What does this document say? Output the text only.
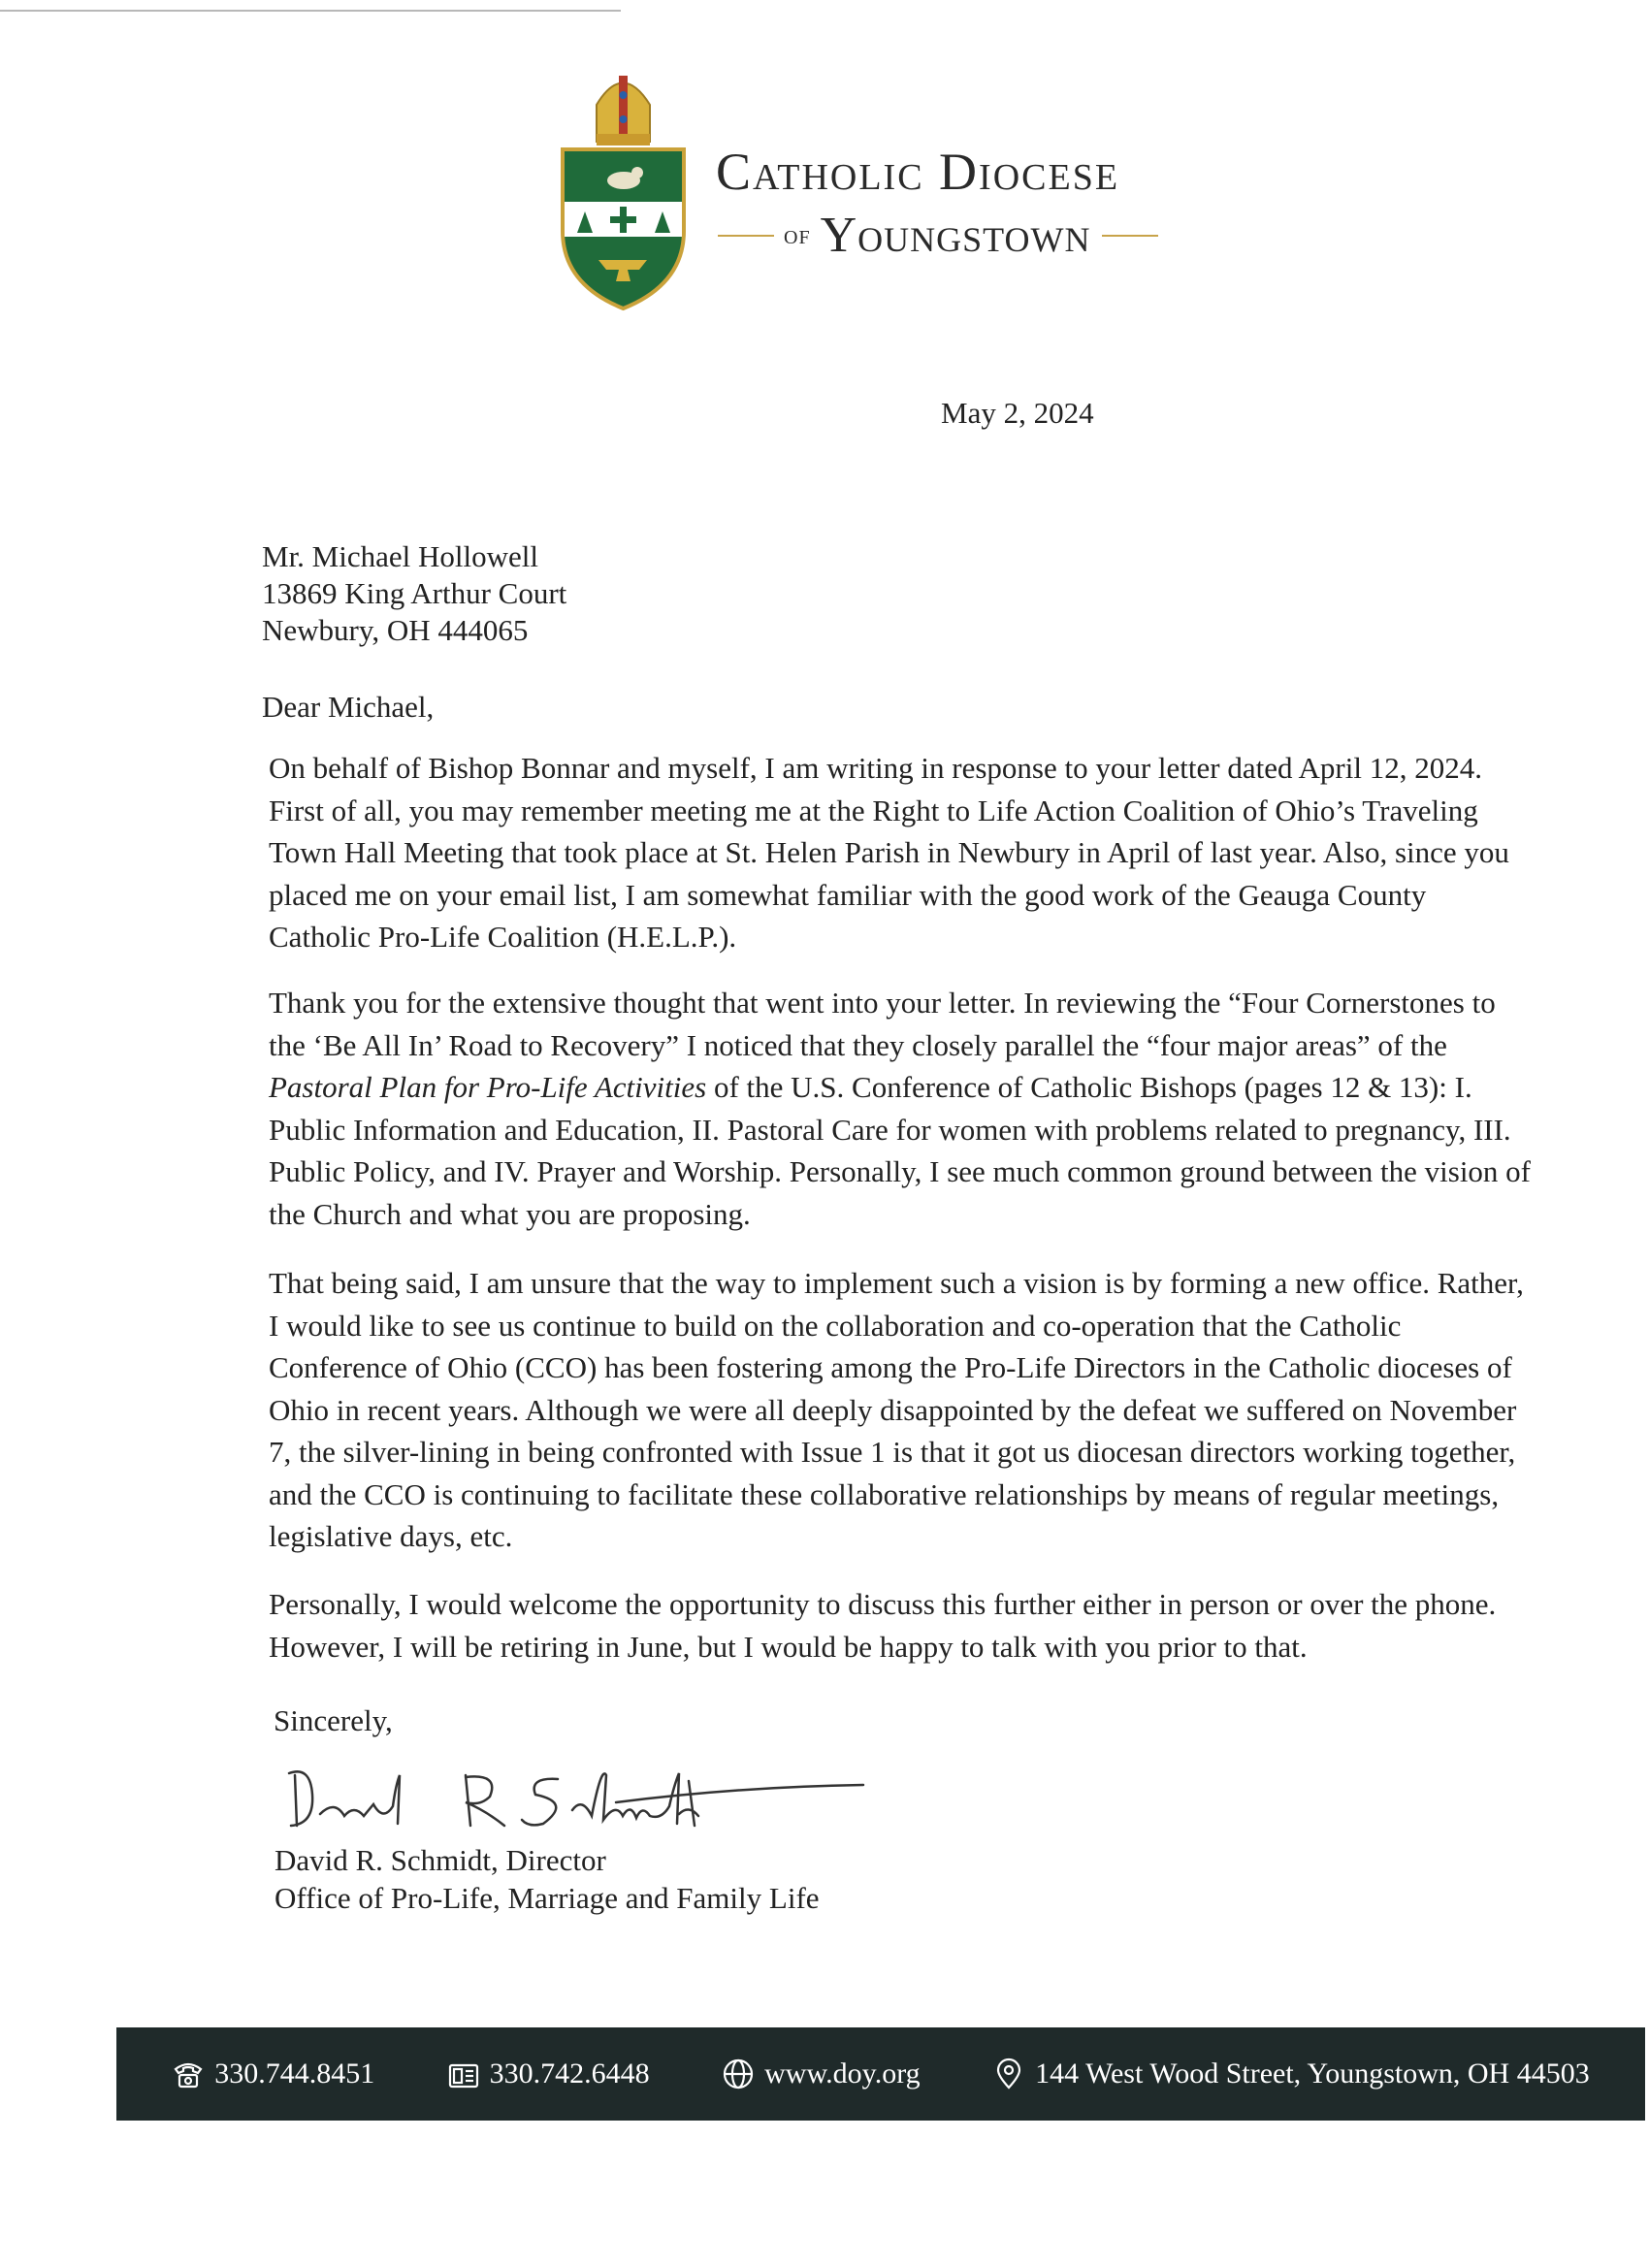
Catholic Diocese
of Youngstown
May 2, 2024
Mr. Michael Hollowell
13869 King Arthur Court
Newbury, OH 444065
Dear Michael,

On behalf of Bishop Bonnar and myself, I am writing in response to your letter dated April 12, 2024. First of all, you may remember meeting me at the Right to Life Action Coalition of Ohio’s Traveling Town Hall Meeting that took place at St. Helen Parish in Newbury in April of last year. Also, since you placed me on your email list, I am somewhat familiar with the good work of the Geauga County Catholic Pro-Life Coalition (H.E.L.P.).

Thank you for the extensive thought that went into your letter. In reviewing the “Four Cornerstones to the ‘Be All In’ Road to Recovery” I noticed that they closely parallel the “four major areas” of the Pastoral Plan for Pro-Life Activities of the U.S. Conference of Catholic Bishops (pages 12 & 13): I. Public Information and Education, II. Pastoral Care for women with problems related to pregnancy, III. Public Policy, and IV. Prayer and Worship. Personally, I see much common ground between the vision of the Church and what you are proposing.

That being said, I am unsure that the way to implement such a vision is by forming a new office. Rather, I would like to see us continue to build on the collaboration and co-operation that the Catholic Conference of Ohio (CCO) has been fostering among the Pro-Life Directors in the Catholic dioceses of Ohio in recent years. Although we were all deeply disappointed by the defeat we suffered on November 7, the silver-lining in being confronted with Issue 1 is that it got us diocesan directors working together, and the CCO is continuing to facilitate these collaborative relationships by means of regular meetings, legislative days, etc.

Personally, I would welcome the opportunity to discuss this further either in person or over the phone. However, I will be retiring in June, but I would be happy to talk with you prior to that.

Sincerely,
David R. Schmidt, Director
Office of Pro-Life, Marriage and Family Life
330.744.8451	330.742.6448	www.doy.org	144 West Wood Street, Youngstown, OH 44503
